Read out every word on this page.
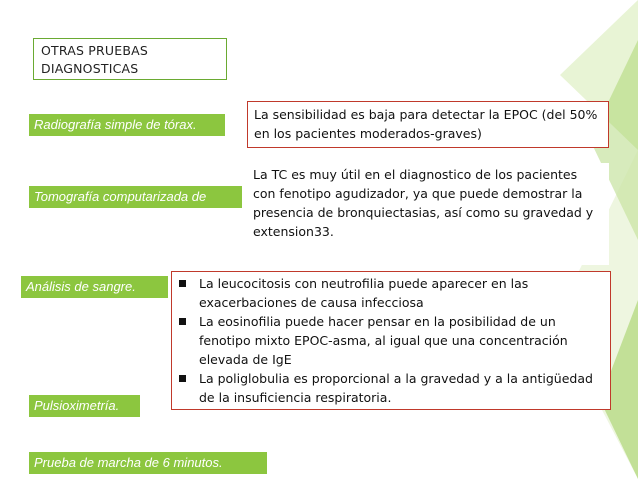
OTRAS PRUEBAS DIAGNOSTICAS
Radiografía simple de tórax.
Tomografía computarizada de
Análisis de sangre.
Pulsioximetría.
Prueba de marcha de 6 minutos.

La sensibilidad es baja para detectar la EPOC (del 50% en los pacientes moderados-graves)

La TC es muy útil en el diagnostico de los pacientes con fenotipo agudizador, ya que puede demostrar la presencia de bronquiectasias, así como su gravedad y extension33.

La leucocitosis con neutrofilia puede aparecer en las exacerbaciones de causa infecciosa
La eosinofilia puede hacer pensar en la posibilidad de un fenotipo mixto EPOC-asma, al igual que una concentración elevada de IgE
La poliglobulia es proporcional a la gravedad y a la antigüedad de la insuficiencia respiratoria.
